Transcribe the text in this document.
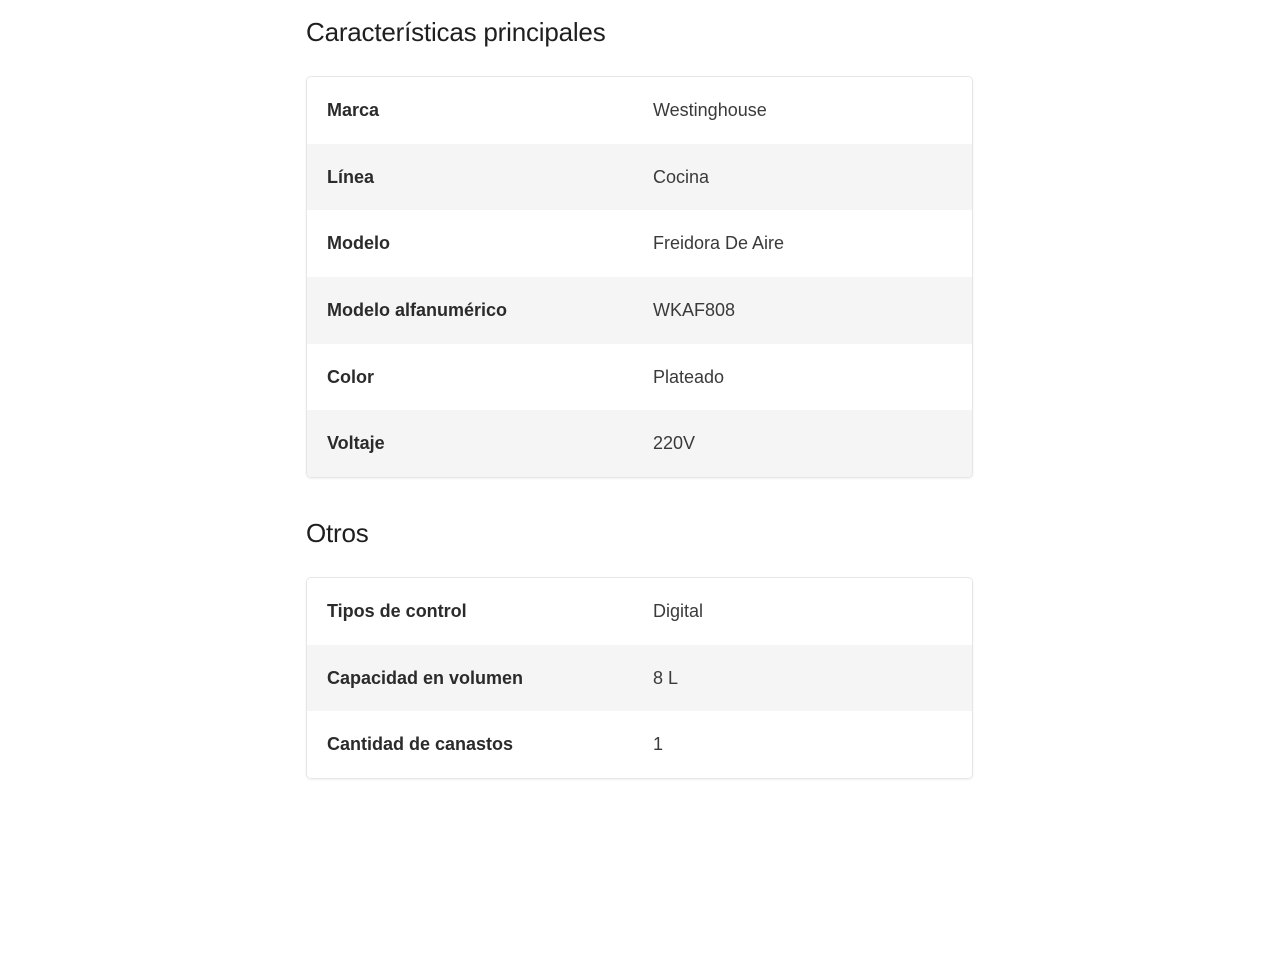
Características principales
Marca	Westinghouse
Línea	Cocina
Modelo	Freidora De Aire
Modelo alfanumérico	WKAF808
Color	Plateado
Voltaje	220V
Otros
Tipos de control	Digital
Capacidad en volumen	8 L
Cantidad de canastos	1
